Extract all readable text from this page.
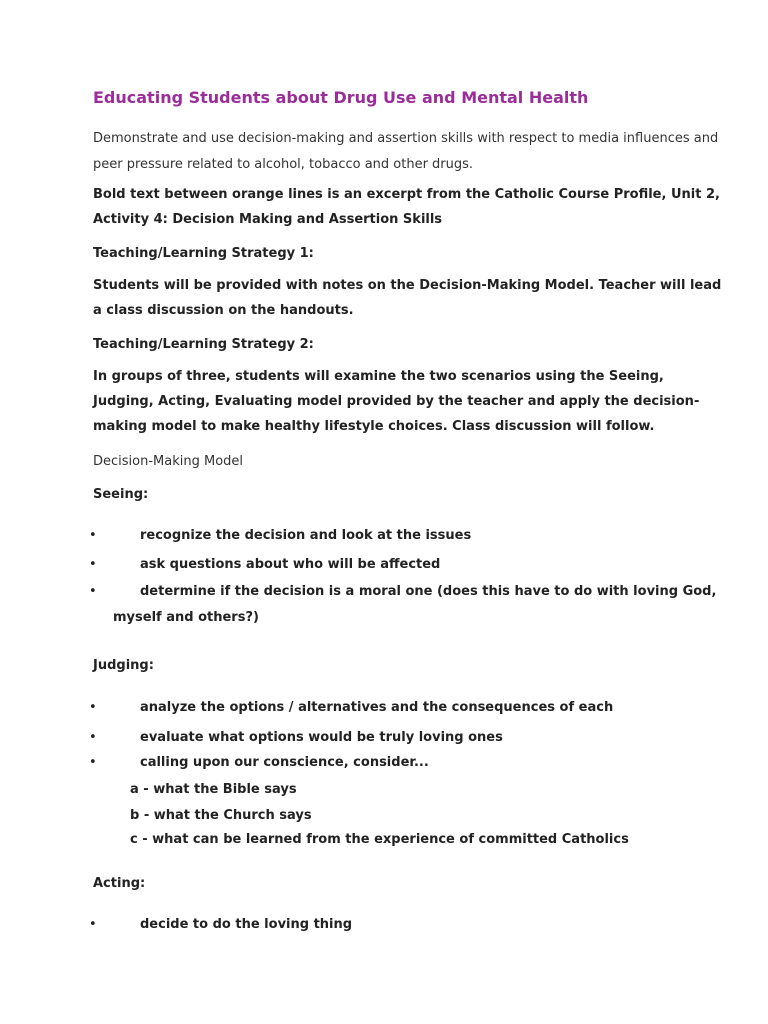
Educating Students about Drug Use and Mental Health
Demonstrate and use decision-making and assertion skills with respect to media influences and
peer pressure related to alcohol, tobacco and other drugs.
Bold text between orange lines is an excerpt from the Catholic Course Profile, Unit 2,
Activity 4: Decision Making and Assertion Skills
Teaching/Learning Strategy 1:
Students will be provided with notes on the Decision-Making Model. Teacher will lead
a class discussion on the handouts.
Teaching/Learning Strategy 2:
In groups of three, students will examine the two scenarios using the Seeing,
Judging, Acting, Evaluating model provided by the teacher and apply the decision-
making model to make healthy lifestyle choices. Class discussion will follow.
Decision-Making Model
Seeing:
•	recognize the decision and look at the issues
•	ask questions about who will be affected
•	determine if the decision is a moral one (does this have to do with loving God,
myself and others?)
Judging:
•	analyze the options / alternatives and the consequences of each
•	evaluate what options would be truly loving ones
•	calling upon our conscience, consider...
a - what the Bible says
b - what the Church says
c - what can be learned from the experience of committed Catholics
Acting:
•	decide to do the loving thing
